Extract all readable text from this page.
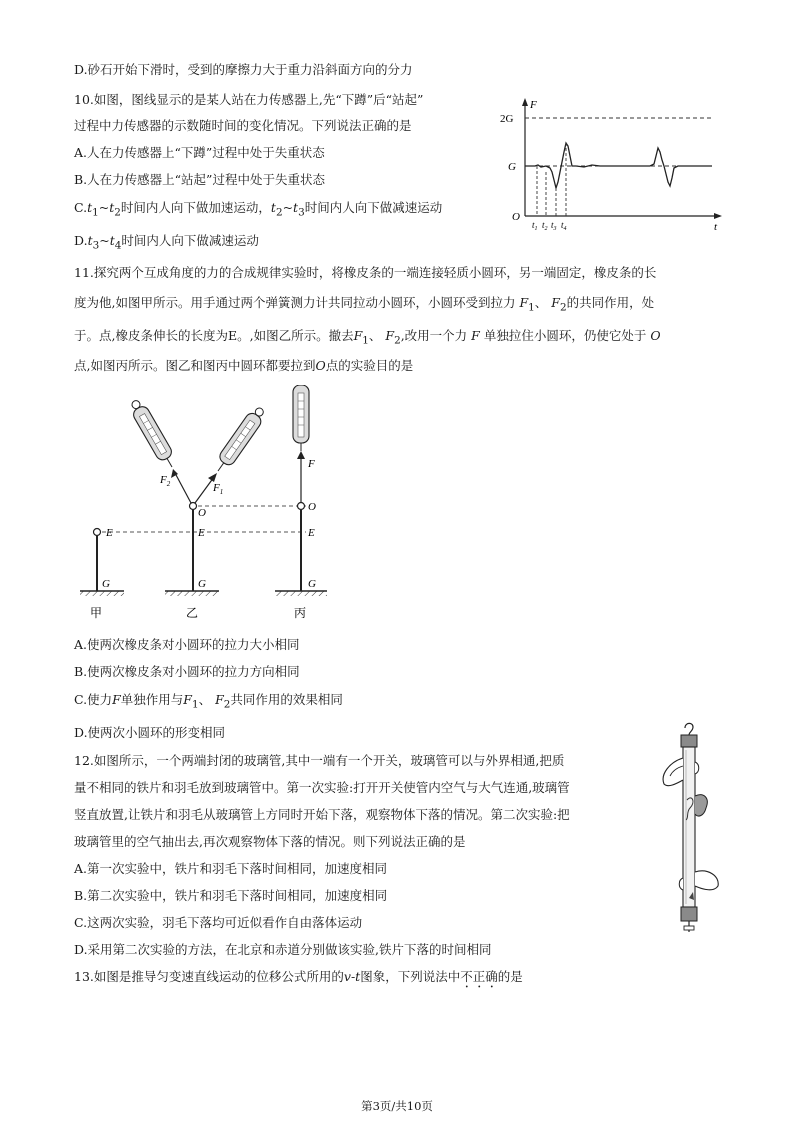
D.砂石开始下滑时，受到的摩擦力大于重力沿斜面方向的分力
10.如图，图线显示的是某人站在力传感器上,先“下蹲”后“站起”
过程中力传感器的示数随时间的变化情况。下列说法正确的是
A.人在力传感器上“下蹲”过程中处于失重状态
B.人在力传感器上“站起”过程中处于失重状态
$C.t_1\sim t_2$时间内人向下做加速运动，$t_2\sim t_3$时间内人向下做减速运动
$D.t_3\sim t_4$时间内人向下做减速运动
F
t
O
2G
G
$t_1$ $t_2$ $t_3$ $t_4$
11.探究两个互成角度的力的合成规律实验时，将橡皮条的一端连接轻质小圆环，另一端固定，橡皮条的长
度为他,如图甲所示。用手通过两个弹簧测力计共同拉动小圆环，小圆环受到拉力 $F_1$、 $F_2$的共同作用，处
于。点,橡皮条伸长的长度为E。,如图乙所示。撤去$F_1$、 $F_2$,改用一个力 F 单独拉住小圆环，仍使它处于 O
点,如图丙所示。图乙和图丙中圆环都要拉到O点的实验目的是
E
G
O
E
G
$F_2$	$F_1$
F
O
E
G
甲	乙	丙
A.使两次橡皮条对小圆环的拉力大小相同
B.使两次橡皮条对小圆环的拉力方向相同
C.使力F单独作用与$F_1$、 $F_2$共同作用的效果相同
D.使两次小圆环的形变相同
12.如图所示，一个两端封闭的玻璃管,其中一端有一个开关，玻璃管可以与外界相通,把质
量不相同的铁片和羽毛放到玻璃管中。第一次实验:打开开关使管内空气与大气连通,玻璃管
竖直放置,让铁片和羽毛从玻璃管上方同时开始下落，观察物体下落的情况。第二次实验:把
玻璃管里的空气抽出去,再次观察物体下落的情况。则下列说法正确的是
A.第一次实验中，铁片和羽毛下落时间相同，加速度相同
B.第二次实验中，铁片和羽毛下落时间相同，加速度相同
C.这两次实验，羽毛下落均可近似看作自由落体运动
D.采用第二次实验的方法，在北京和赤道分别做该实验,铁片下落的时间相同
13.如图是推导匀变速直线运动的位移公式所用的v-t图象，下列说法中不正确的是
第3页/共10页
